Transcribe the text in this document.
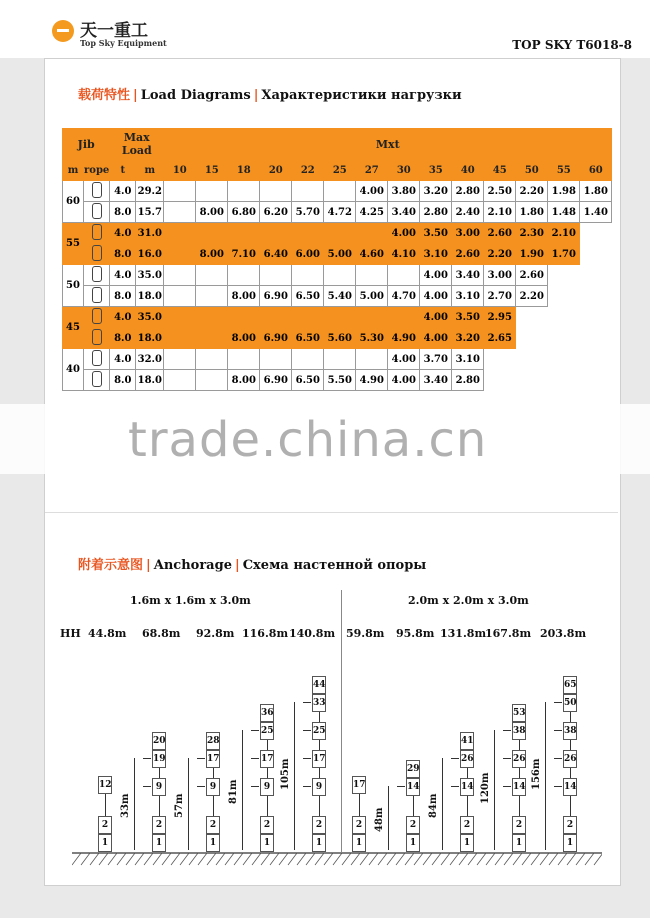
天一重工
Top Sky Equipment	TOP SKY T6018-8
载荷特性 | Load Diagrams | Характеристики нагрузки
Jib		Max Load		Mxt													
m	rope	t	m	10	15	18	20	22	25	27	30	35	40	45	50	55	60
60		4.0	29.2							4.00	3.80	3.20	2.80	2.50	2.20	1.98	1.80
		8.0	15.7		8.00	6.80	6.20	5.70	4.72	4.25	3.40	2.80	2.40	2.10	1.80	1.48	1.40
55		4.0	31.0								4.00	3.50	3.00	2.60	2.30	2.10	
		8.0	16.0		8.00	7.10	6.40	6.00	5.00	4.60	4.10	3.10	2.60	2.20	1.90	1.70	
50		4.0	35.0									4.00	3.40	3.00	2.60		
		8.0	18.0			8.00	6.90	6.50	5.40	5.00	4.70	4.00	3.10	2.70	2.20		
45		4.0	35.0									4.00	3.50	2.95			
		8.0	18.0			8.00	6.90	6.50	5.60	5.30	4.90	4.00	3.20	2.65			
40		4.0	32.0								4.00	3.70	3.10				
		8.0	18.0			8.00	6.90	6.50	5.50	4.90	4.00	3.40	2.80				
trade.china.cn
附着示意图 | Anchorage | Схема настенной опоры
1.6m x 1.6m x 3.0m	2.0m x 2.0m x 3.0m
HH 44.8m 68.8m 92.8m 116.8m 140.8m 59.8m 95.8m 131.8m
167.8m 203.8m
1
2
12
1
2
9
19
20
33m
1
2
9
17
28
57m
1
2
9
17
25
36
81m
1
2
9
17
25
33
44
105m
1
2
17
1
2
14
29
48m
1
2
14
26
41
84m
1
2
14
26
38
53
120m
1
2
14
26
38
50
65
156m
